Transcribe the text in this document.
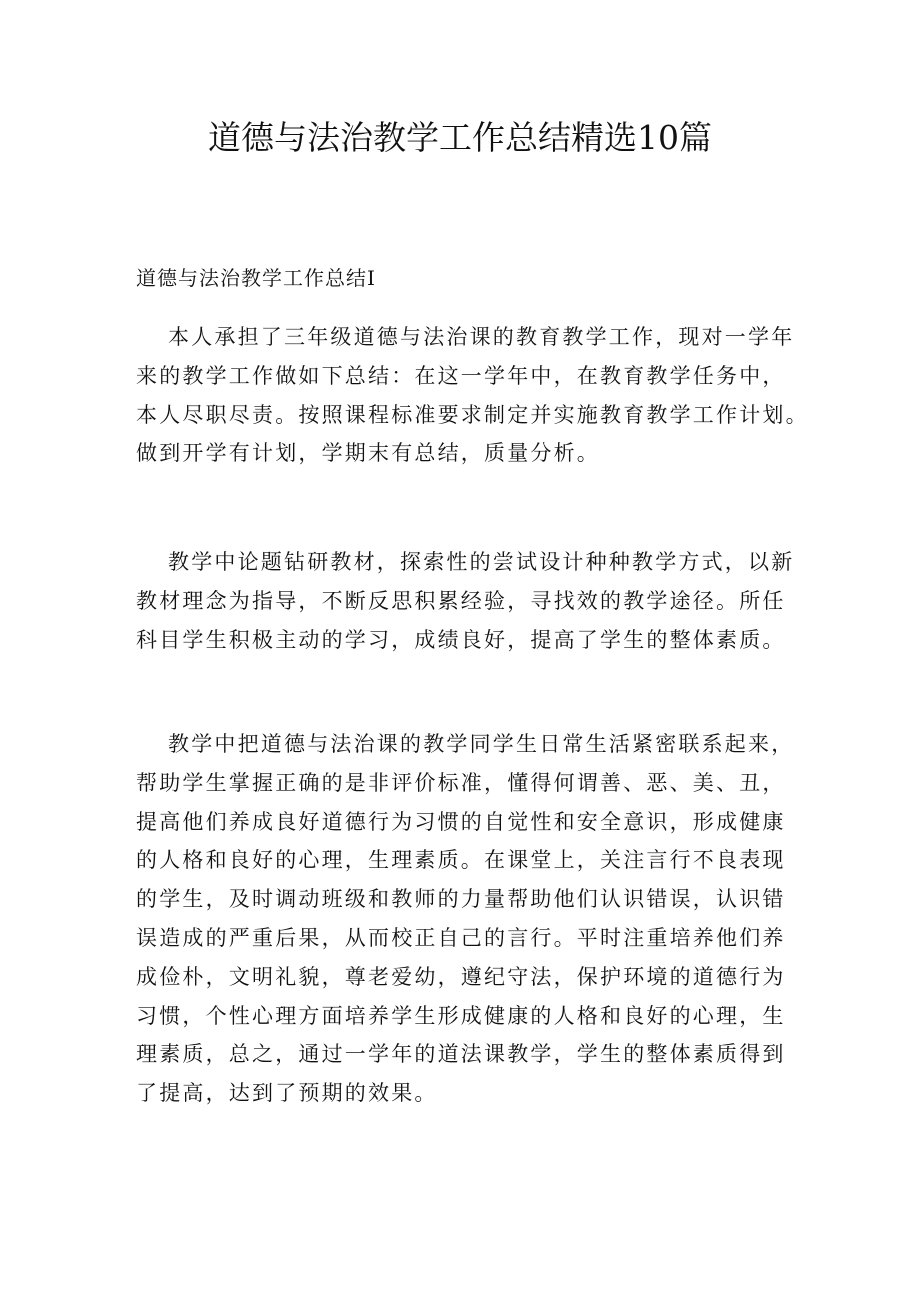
道德与法治教学工作总结精选10篇
道德与法治教学工作总结Ⅰ

本人承担了三年级道德与法治课的教育教学工作，现对一学年
来的教学工作做如下总结：在这一学年中，在教育教学任务中，
本人尽职尽责。按照课程标准要求制定并实施教育教学工作计划。
做到开学有计划，学期末有总结，质量分析。

教学中论题钻研教材，探索性的尝试设计种种教学方式，以新
教材理念为指导，不断反思积累经验，寻找效的教学途径。所任
科目学生积极主动的学习，成绩良好，提高了学生的整体素质。

教学中把道德与法治课的教学同学生日常生活紧密联系起来，
帮助学生掌握正确的是非评价标准，懂得何谓善、恶、美、丑，
提高他们养成良好道德行为习惯的自觉性和安全意识，形成健康
的人格和良好的心理，生理素质。在课堂上，关注言行不良表现
的学生，及时调动班级和教师的力量帮助他们认识错误，认识错
误造成的严重后果，从而校正自己的言行。平时注重培养他们养
成俭朴，文明礼貌，尊老爱幼，遵纪守法，保护环境的道德行为
习惯，个性心理方面培养学生形成健康的人格和良好的心理，生
理素质，总之，通过一学年的道法课教学，学生的整体素质得到
了提高，达到了预期的效果。
